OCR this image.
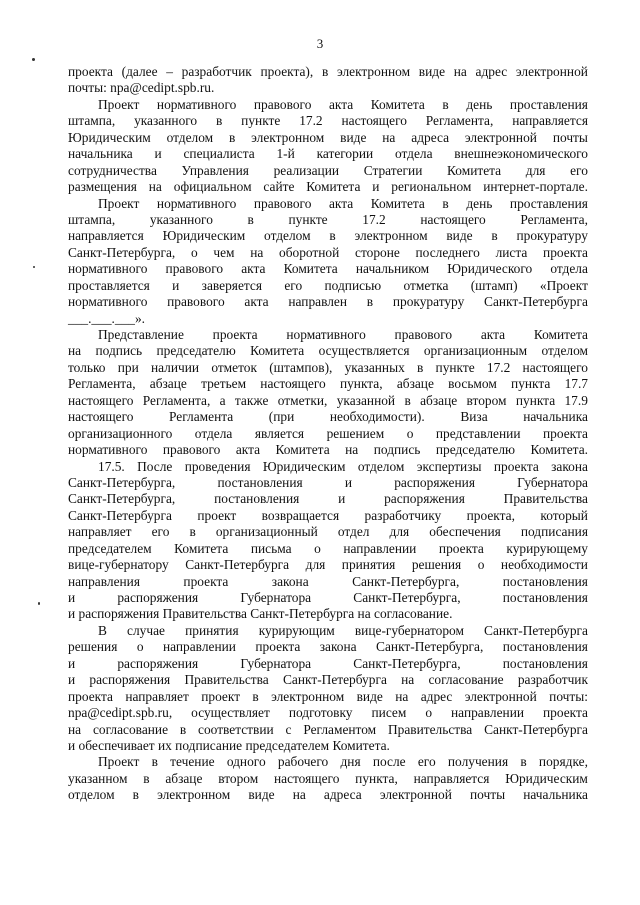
3
проекта (далее – разработчик проекта), в электронном виде на адрес электронной
почты: npa@cedipt.spb.ru.
Проект нормативного правового акта Комитета в день проставления
штампа, указанного в пункте 17.2 настоящего Регламента, направляется
Юридическим отделом в электронном виде на адреса электронной почты
начальника и специалиста 1-й категории отдела внешнеэкономического
сотрудничества Управления реализации Стратегии Комитета для его
размещения на официальном сайте Комитета и региональном интернет-портале.
Проект нормативного правового акта Комитета в день проставления
штампа,	указанного	в	пункте	17.2	настоящего	Регламента,
направляется Юридическим отделом в электронном виде в прокуратуру
Санкт-Петербурга, о чем на оборотной стороне последнего листа проекта
нормативного правового акта Комитета начальником Юридического отдела
проставляется и заверяется его подписью отметка (штамп) «Проект
нормативного правового акта направлен в прокуратуру Санкт-Петербурга
___.___.___».
Представление проекта нормативного правового акта Комитета
на подпись председателю Комитета осуществляется организационным отделом
только при наличии отметок (штампов), указанных в пункте 17.2 настоящего
Регламента, абзаце третьем настоящего пункта, абзаце восьмом пункта 17.7
настоящего Регламента, а также отметки, указанной в абзаце втором пункта 17.9
настоящего	Регламента	(при	необходимости).	Виза	начальника
организационного отдела является решением о представлении проекта
нормативного правового акта Комитета на подпись председателю Комитета.
17.5. После проведения Юридическим отделом экспертизы проекта закона
Санкт-Петербурга,	постановления	и	распоряжения	Губернатора
Санкт-Петербурга,	постановления	и	распоряжения	Правительства
Санкт-Петербурга проект возвращается разработчику проекта, который
направляет его в организационный отдел для обеспечения подписания
председателем Комитета письма о направлении проекта курирующему
вице-губернатору Санкт-Петербурга для принятия решения о необходимости
направления	проекта	закона	Санкт-Петербурга,	постановления
и	распоряжения	Губернатора	Санкт-Петербурга,	постановления
и распоряжения Правительства Санкт-Петербурга на согласование.
В случае принятия курирующим вице-губернатором Санкт-Петербурга
решения о направлении проекта закона Санкт-Петербурга, постановления
и	распоряжения	Губернатора	Санкт-Петербурга,	постановления
и распоряжения Правительства Санкт-Петербурга на согласование разработчик
проекта направляет проект в электронном виде на адрес электронной почты:
npa@cedipt.spb.ru, осуществляет подготовку писем о направлении проекта
на согласование в соответствии с Регламентом Правительства Санкт-Петербурга
и обеспечивает их подписание председателем Комитета.
Проект в течение одного рабочего дня после его получения в порядке,
указанном в абзаце втором настоящего пункта, направляется Юридическим
отделом в электронном виде на адреса электронной почты начальника
